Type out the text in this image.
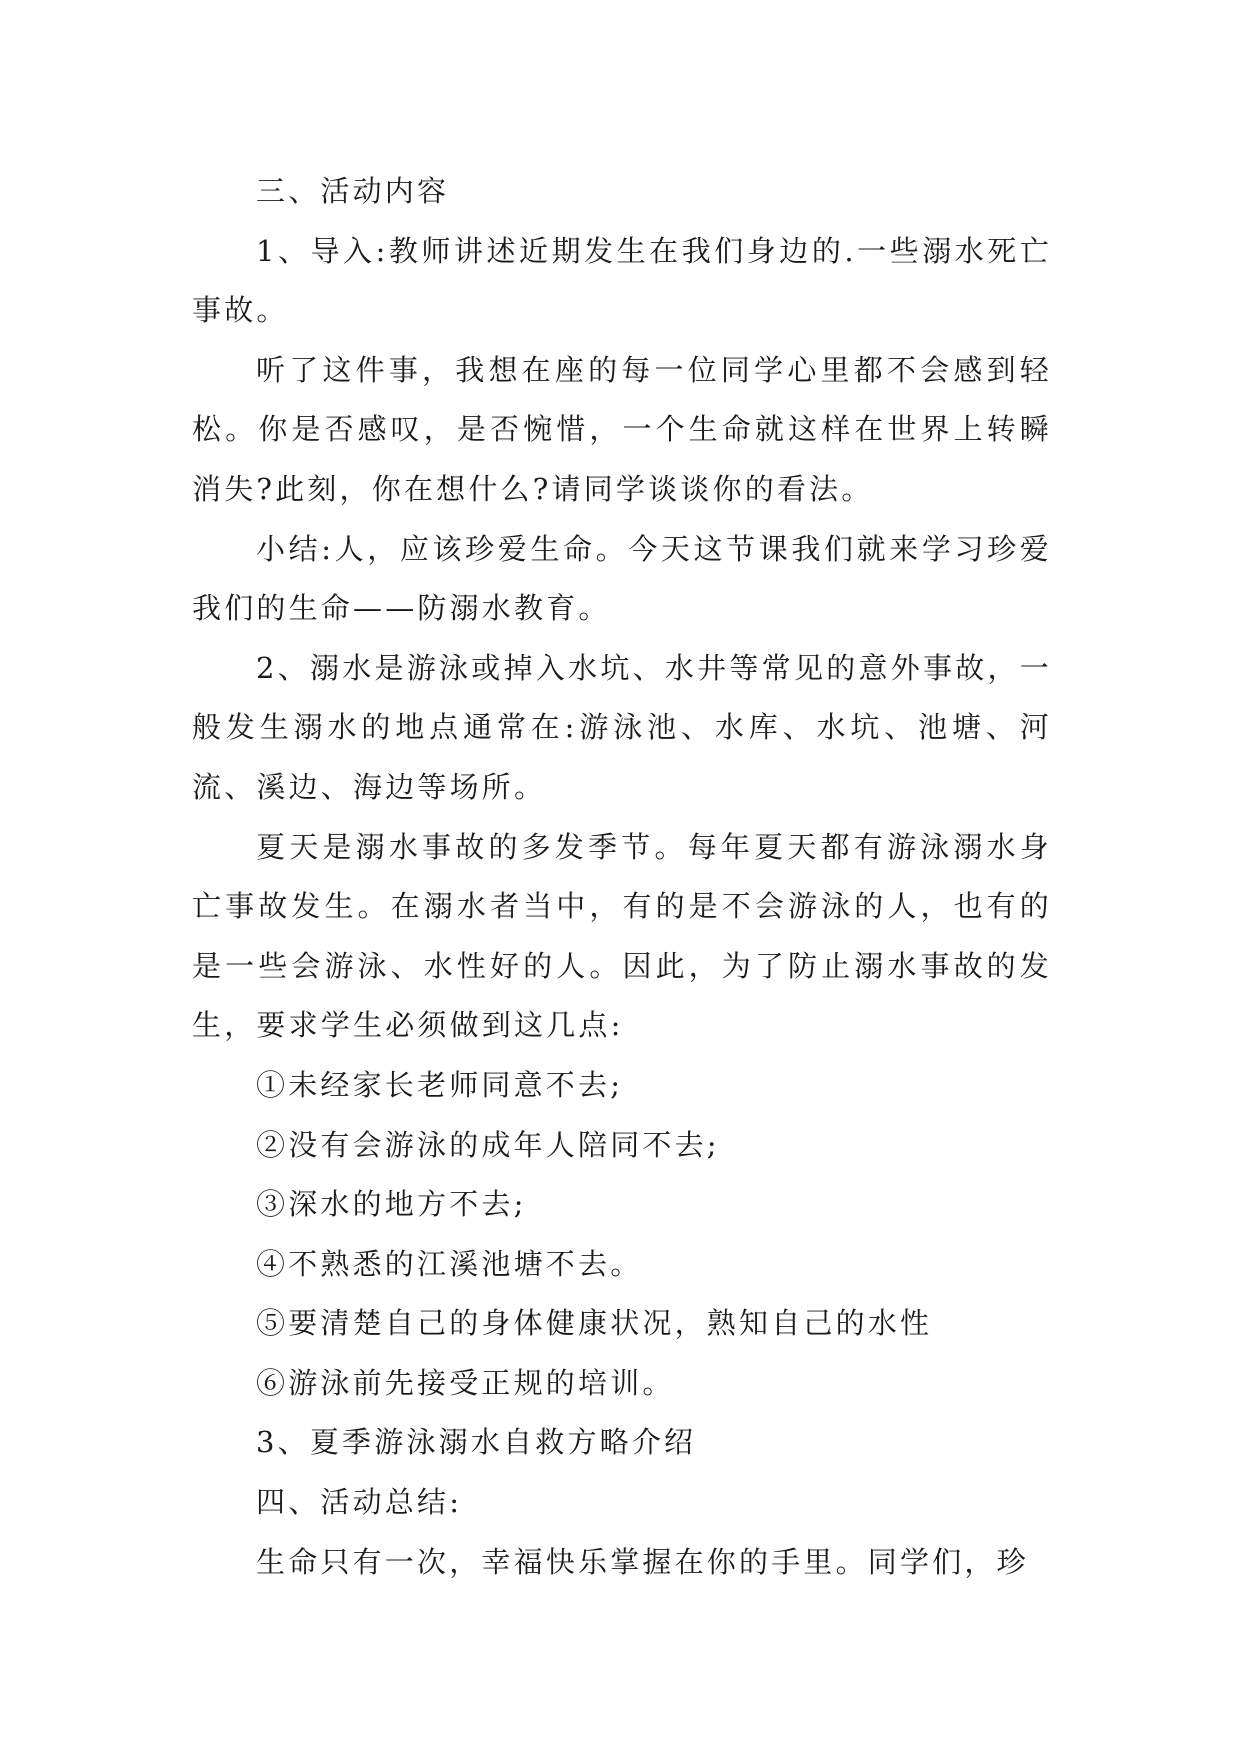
三、活动内容

1、导入:教师讲述近期发生在我们身边的.一些溺水死亡事故。

听了这件事，我想在座的每一位同学心里都不会感到轻松。你是否感叹，是否惋惜，一个生命就这样在世界上转瞬消失?此刻，你在想什么?请同学谈谈你的看法。

小结:人，应该珍爱生命。今天这节课我们就来学习珍爱我们的生命——防溺水教育。

2、溺水是游泳或掉入水坑、水井等常见的意外事故，一般发生溺水的地点通常在:游泳池、水库、水坑、池塘、河流、溪边、海边等场所。

夏天是溺水事故的多发季节。每年夏天都有游泳溺水身亡事故发生。在溺水者当中，有的是不会游泳的人，也有的是一些会游泳、水性好的人。因此，为了防止溺水事故的发生，要求学生必须做到这几点:

①未经家长老师同意不去;

②没有会游泳的成年人陪同不去;

③深水的地方不去;

④不熟悉的江溪池塘不去。

⑤要清楚自己的身体健康状况，熟知自己的水性

⑥游泳前先接受正规的培训。

3、夏季游泳溺水自救方略介绍

四、活动总结:

生命只有一次，幸福快乐掌握在你的手里。同学们，珍
